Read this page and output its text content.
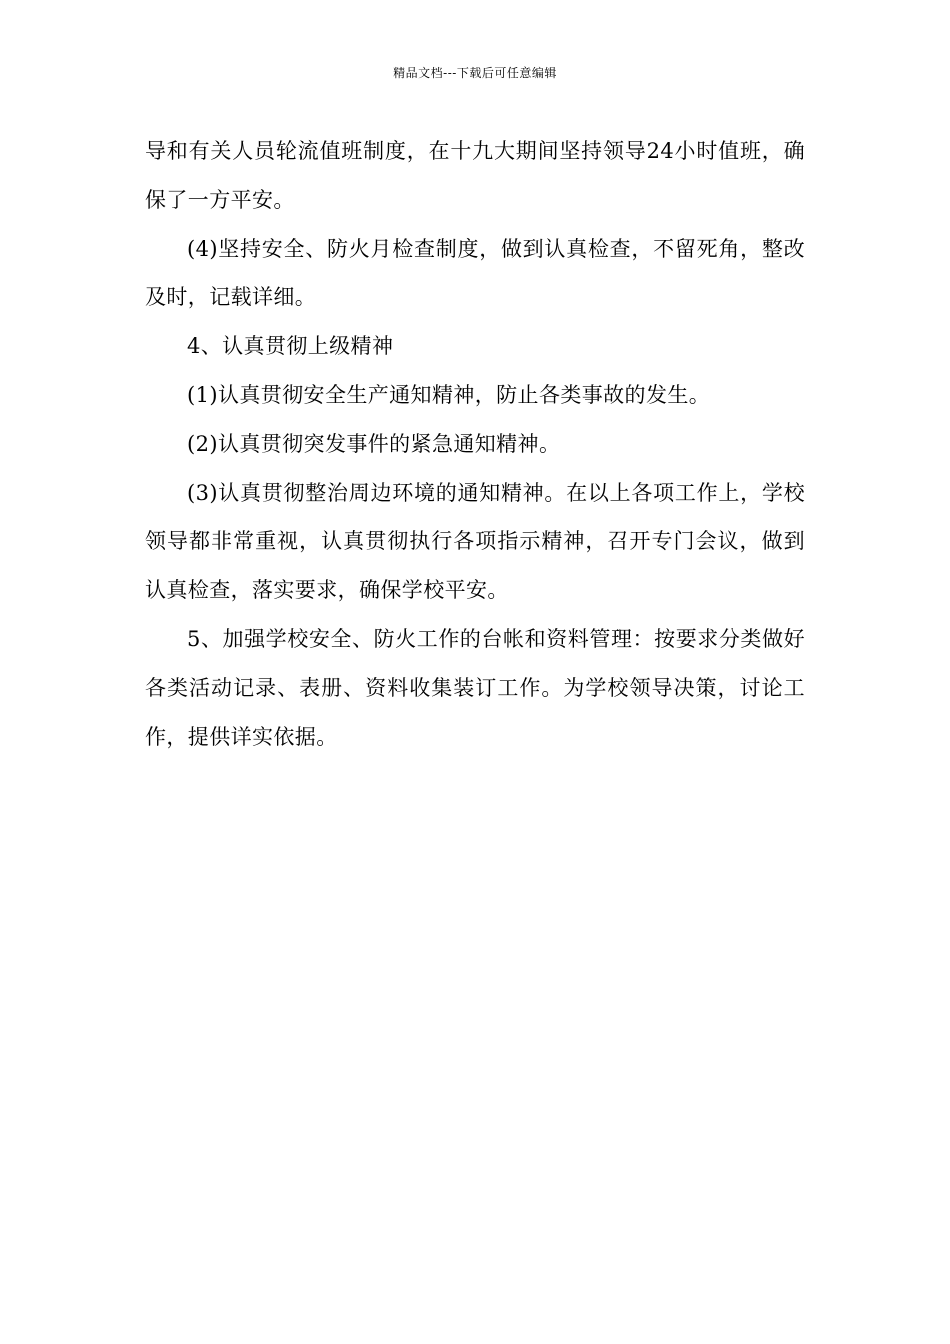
精品文档---下载后可任意编辑

导和有关人员轮流值班制度，在十九大期间坚持领导24小时值班，确保了一方平安。

(4)坚持安全、防火月检查制度，做到认真检查，不留死角，整改及时，记载详细。

4、认真贯彻上级精神

(1)认真贯彻安全生产通知精神，防止各类事故的发生。

(2)认真贯彻突发事件的紧急通知精神。

(3)认真贯彻整治周边环境的通知精神。在以上各项工作上，学校领导都非常重视，认真贯彻执行各项指示精神，召开专门会议，做到认真检查，落实要求，确保学校平安。

5、加强学校安全、防火工作的台帐和资料管理：按要求分类做好各类活动记录、表册、资料收集装订工作。为学校领导决策，讨论工作，提供详实依据。
